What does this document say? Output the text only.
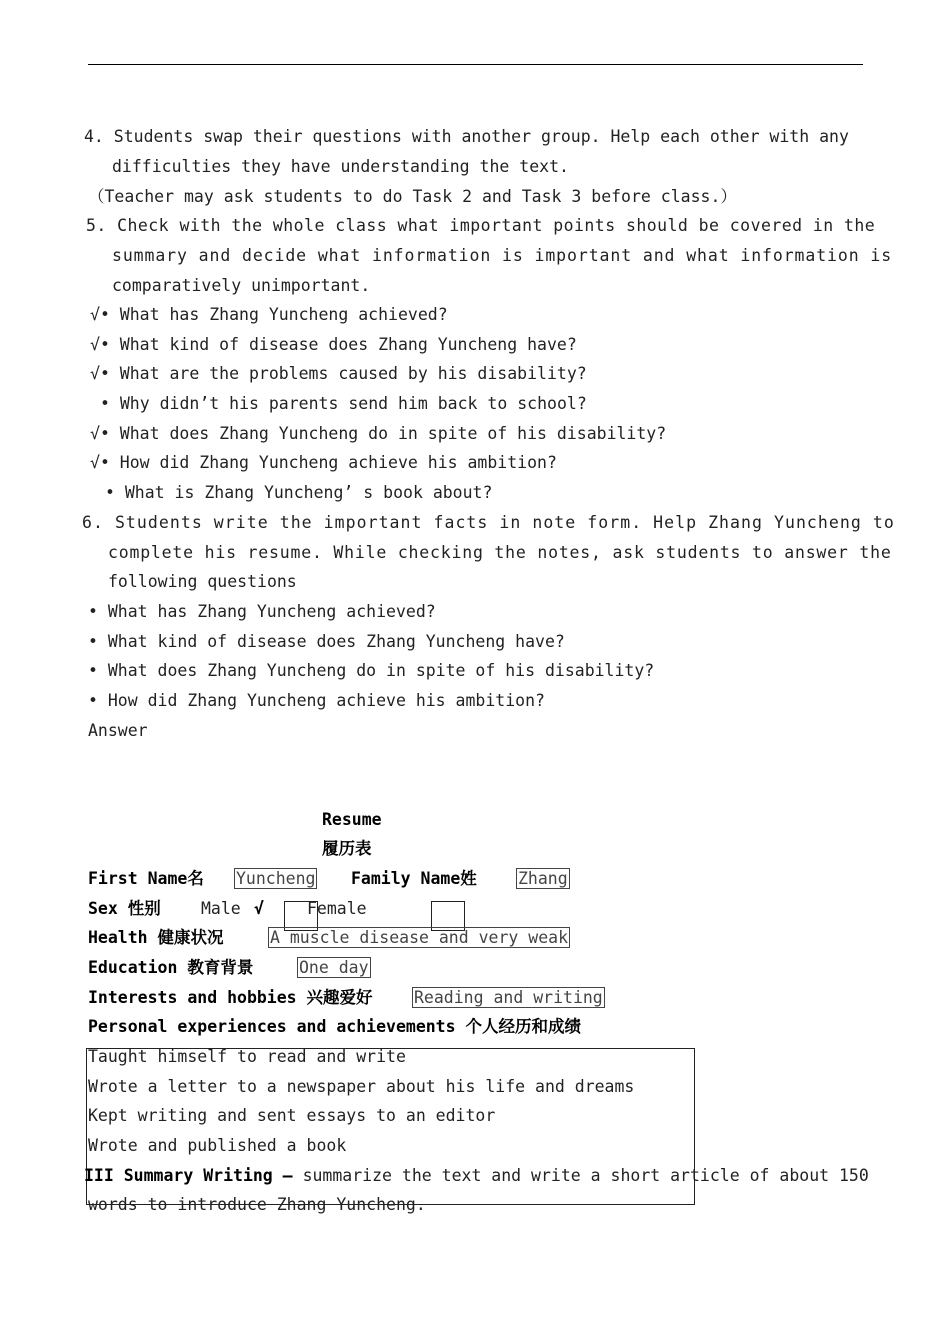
4. Students swap their questions with another group. Help each other with any
difficulties they have understanding the text.
（Teacher may ask students to do Task 2 and Task 3 before class.）
5. Check with the whole class what important points should be covered in the
summary and decide what information is important and what information is
comparatively unimportant.
√• What has Zhang Yuncheng achieved?
√• What kind of disease does Zhang Yuncheng have?
√• What are the problems caused by his disability?
• Why didn’t his parents send him back to school?
√• What does Zhang Yuncheng do in spite of his disability?
√• How did Zhang Yuncheng achieve his ambition?
• What is Zhang Yuncheng’ s book about?
6. Students write the important facts in note form. Help Zhang Yuncheng to
complete his resume. While checking the notes, ask students to answer the
following questions
• What has Zhang Yuncheng achieved?
• What kind of disease does Zhang Yuncheng have?
• What does Zhang Yuncheng do in spite of his disability?
• How did Zhang Yuncheng achieve his ambition?
Answer
Resume
履历表
First Name名 Yuncheng Family Name姓 Zhang
Sex 性别 Male √	Female
Health 健康状况	A muscle disease and very weak
Education 教育背景	One day
Interests and hobbies 兴趣爱好	Reading and writing
Personal experiences and achievements 个人经历和成绩
Taught himself to read and write
Wrote a letter to a newspaper about his life and dreams
Kept writing and sent essays to an editor
Wrote and published a book
III Summary Writing — summarize the text and write a short article of about 150
words to introduce Zhang Yuncheng.
